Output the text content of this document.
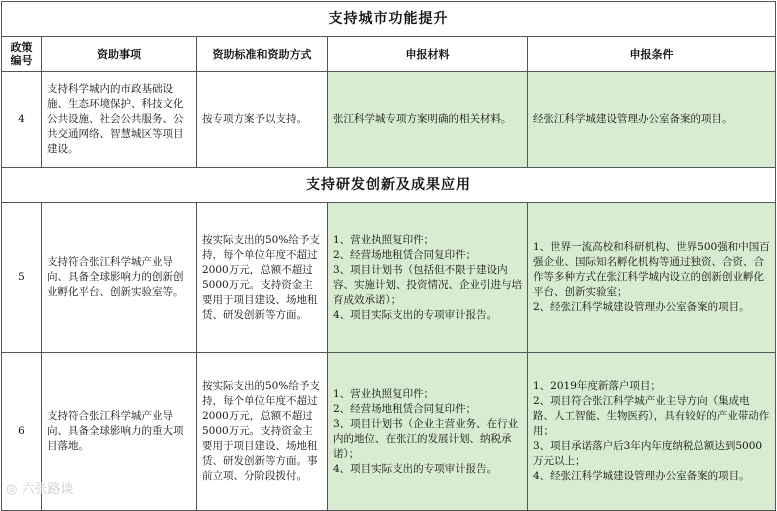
支持城市功能提升				
政策编号	资助事项	资助标准和资助方式	申报材料	申报条件
4	支持科学城内的市政基础设施、生态环境保护、科技文化公共设施、社会公共服务、公共交通网络、智慧城区等项目建设。	按专项方案予以支持。	张江科学城专项方案明确的相关材料。	经张江科学城建设管理办公室备案的项目。
支持研发创新及成果应用				
5	支持符合张江科学城产业导向、具备全球影响力的创新创业孵化平台、创新实验室等。	按实际支出的50%给予支持，每个单位年度不超过2000万元，总额不超过5000万元。支持资金主要用于项目建设、场地租赁、研发创新等方面。	1、营业执照复印件；
2、经营场地租赁合同复印件；
3、项目计划书（包括但不限于建设内容、实施计划、投资情况、企业引进与培育成效承诺）；
4、项目实际支出的专项审计报告。	1、世界一流高校和科研机构、世界500强和中国百强企业、国际知名孵化机构等通过独资、合资、合作等多种方式在张江科学城内设立的创新创业孵化平台、创新实验室；
2、经张江科学城建设管理办公室备案的项目。

6	支持符合张江科学城产业导向、具备全球影响力的重大项目落地。	按实际支出的50%给予支持，每个单位年度不超过2000万元，总额不超过5000万元。支持资金主要用于项目建设、场地租赁、研发创新等方面。事前立项、分阶段拨付。	1、营业执照复印件；
2、经营场地租赁合同复印件；
3、项目计划书（企业主营业务、在行业内的地位、在张江的发展计划、纳税承诺）；
4、项目实际支出的专项审计报告。	1、2019年度新落户项目；
2、项目符合张江科学城产业主导方向（集成电路、人工智能、生物医药），具有较好的产业带动作用；
3、项目承诺落户后3年内年度纳税总额达到5000万元以上；
4、经张江科学城建设管理办公室备案的项目。
◎ 六张路谈
